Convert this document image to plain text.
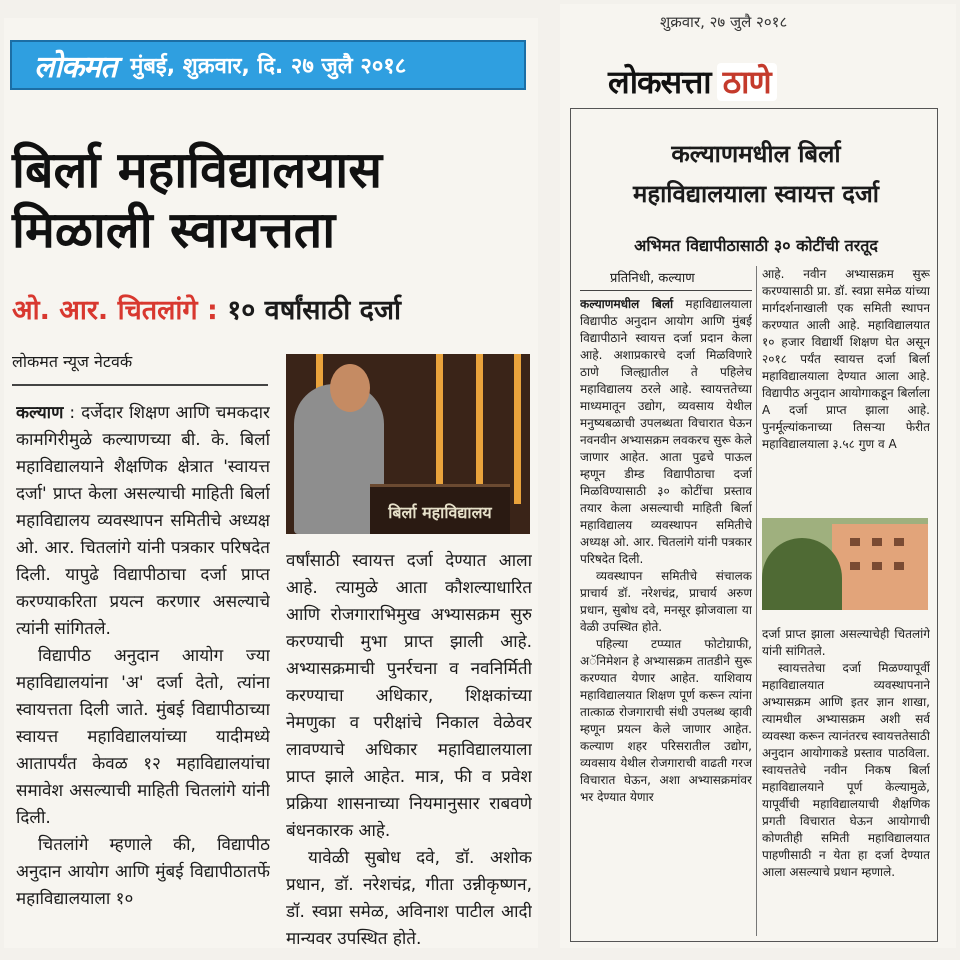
लोकमत मुंबई, शुक्रवार, दि. २७ जुलै २०१८
बिर्ला महाविद्यालयास
मिळाली स्वायत्तता
ओ. आर. चितलांगे : १० वर्षांसाठी दर्जा
लोकमत न्यूज नेटवर्क
बिर्ला महाविद्यालय

कल्याण : दर्जेदार शिक्षण आणि चमकदार कामगिरीमुळे कल्याणच्या बी. के. बिर्ला महाविद्यालयाने शैक्षणिक क्षेत्रात 'स्वायत्त दर्जा' प्राप्त केला असल्याची माहिती बिर्ला महाविद्यालय व्यवस्थापन समितीचे अध्यक्ष ओ. आर. चितलांगे यांनी पत्रकार परिषदेत दिली. यापुढे विद्यापीठाचा दर्जा प्राप्त करण्याकरिता प्रयत्न करणार असल्याचे त्यांनी सांगितले.

विद्यापीठ अनुदान आयोग ज्या महाविद्यालयांना 'अ' दर्जा देतो, त्यांना स्वायत्तता दिली जाते. मुंबई विद्यापीठाच्या स्वायत्त महाविद्यालयांच्या यादीमध्ये आतापर्यंत केवळ १२ महाविद्यालयांचा समावेश असल्याची माहिती चितलांगे यांनी दिली.

चितलांगे म्हणाले की, विद्यापीठ अनुदान आयोग आणि मुंबई विद्यापीठातर्फे महाविद्यालयाला १०

वर्षांसाठी स्वायत्त दर्जा देण्यात आला आहे. त्यामुळे आता कौशल्याधारित आणि रोजगाराभिमुख अभ्यासक्रम सुरु करण्याची मुभा प्राप्त झाली आहे. अभ्यासक्रमाची पुनर्रचना व नवनिर्मिती करण्याचा अधिकार, शिक्षकांच्या नेमणुका व परीक्षांचे निकाल वेळेवर लावण्याचे अधिकार महाविद्यालयाला प्राप्त झाले आहेत. मात्र, फी व प्रवेश प्रक्रिया शासनाच्या नियमानुसार राबवणे बंधनकारक आहे.

यावेळी सुबोध दवे, डॉ. अशोक प्रधान, डॉ. नरेशचंद्र, गीता उन्नीकृष्णन, डॉ. स्वप्ना समेळ, अविनाश पाटील आदी मान्यवर उपस्थित होते.

शुक्रवार, २७ जुलै २०१८
लोकसत्ता ठाणे
कल्याणमधील बिर्ला
महाविद्यालयाला स्वायत्त दर्जा
अभिमत विद्यापीठासाठी ३० कोटींची तरतूद
प्रतिनिधी, कल्याण

कल्याणमधील बिर्ला महाविद्यालयाला विद्यापीठ अनुदान आयोग आणि मुंबई विद्यापीठाने स्वायत्त दर्जा प्रदान केला आहे. अशाप्रकारचे दर्जा मिळविणारे ठाणे जिल्ह्यातील ते पहिलेच महाविद्यालय ठरले आहे. स्वायत्ततेच्या माध्यमातून उद्योग, व्यवसाय येथील मनुष्यबळाची उपलब्धता विचारात घेऊन नवनवीन अभ्यासक्रम लवकरच सुरू केले जाणार आहेत. आता पुढचे पाऊल म्हणून डीम्ड विद्यापीठाचा दर्जा मिळविण्यासाठी ३० कोटींचा प्रस्ताव तयार केला असल्याची माहिती बिर्ला महाविद्यालय व्यवस्थापन समितीचे अध्यक्ष ओ. आर. चितलांगे यांनी पत्रकार परिषदेत दिली.

व्यवस्थापन समितीचे संचालक प्राचार्य डॉ. नरेशचंद्र, प्राचार्य अरुण प्रधान, सुबोध दवे, मनसूर झोजवाला या वेळी उपस्थित होते.

पहिल्या टप्प्यात फोटोग्राफी, अॅनिमेशन हे अभ्यासक्रम तातडीने सुरू करण्यात येणार आहेत. याशिवाय महाविद्यालयात शिक्षण पूर्ण करून त्यांना तात्काळ रोजगाराची संधी उपलब्ध व्हावी म्हणून प्रयत्न केले जाणार आहेत. कल्याण शहर परिसरातील उद्योग, व्यवसाय येथील रोजगाराची वाढती गरज विचारात घेऊन, अशा अभ्यासक्रमांवर भर देण्यात येणार

आहे. नवीन अभ्यासक्रम सुरू करण्यासाठी प्रा. डॉ. स्वप्ना समेळ यांच्या मार्गदर्शनाखाली एक समिती स्थापन करण्यात आली आहे. महाविद्यालयात १० हजार विद्यार्थी शिक्षण घेत असून २०१८ पर्यंत स्वायत्त दर्जा बिर्ला महाविद्यालयाला देण्यात आला आहे. विद्यापीठ अनुदान आयोगाकडून बिर्लाला A दर्जा प्राप्त झाला आहे. पुनर्मूल्यांकनाच्या तिसऱ्या फेरीत महाविद्यालयाला ३.५८ गुण व A

दर्जा प्राप्त झाला असल्याचेही चितलांगे यांनी सांगितले.

स्वायत्ततेचा दर्जा मिळण्यापूर्वी महाविद्यालयात व्यवस्थापनाने अभ्यासक्रम आणि इतर ज्ञान शाखा, त्यामधील अभ्यासक्रम अशी सर्व व्यवस्था करून त्यानंतरच स्वायत्ततेसाठी अनुदान आयोगाकडे प्रस्ताव पाठविला. स्वायत्ततेचे नवीन निकष बिर्ला महाविद्यालयाने पूर्ण केल्यामुळे, यापूर्वीची महाविद्यालयाची शैक्षणिक प्रगती विचारात घेऊन आयोगाची कोणतीही समिती महाविद्यालयात पाहणीसाठी न येता हा दर्जा देण्यात आला असल्याचे प्रधान म्हणाले.
